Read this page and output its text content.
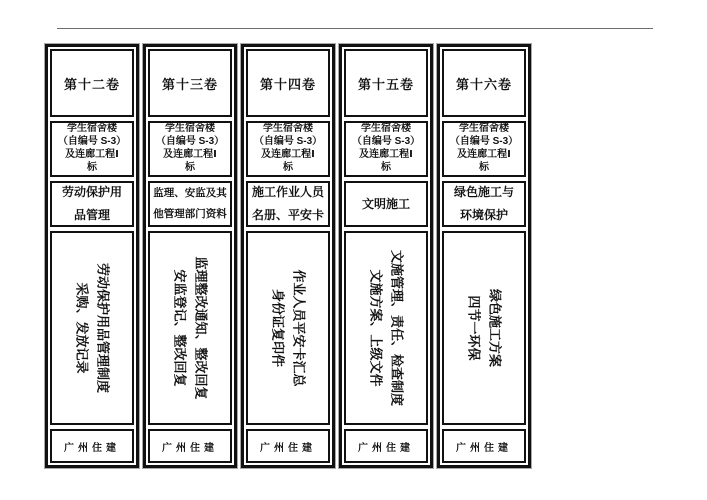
第十二卷
学生宿舍楼
（自编号 S-3）
及连廊工程Ⅰ
标
劳动保护用
品管理
劳动保护用品管理制度
采购、发放记录
广州住建
第十三卷
学生宿舍楼
（自编号 S-3）
及连廊工程Ⅰ
标
监理、安监及其
他管理部门资料
监理整改通知、整改回复
安监登记、整改回复
广州住建
第十四卷
学生宿舍楼
（自编号 S-3）
及连廊工程Ⅰ
标
施工作业人员
名册、平安卡
作业人员平安卡汇总
身份证复印件
广州住建
第十五卷
学生宿舍楼
（自编号 S-3）
及连廊工程Ⅰ
标
文明施工
文施管理、责任、检查制度
文施方案、上级文件
广州住建
第十六卷
学生宿舍楼
（自编号 S-3）
及连廊工程Ⅰ
标
绿色施工与
环境保护
绿色施工方案
四节一环保
广州住建
